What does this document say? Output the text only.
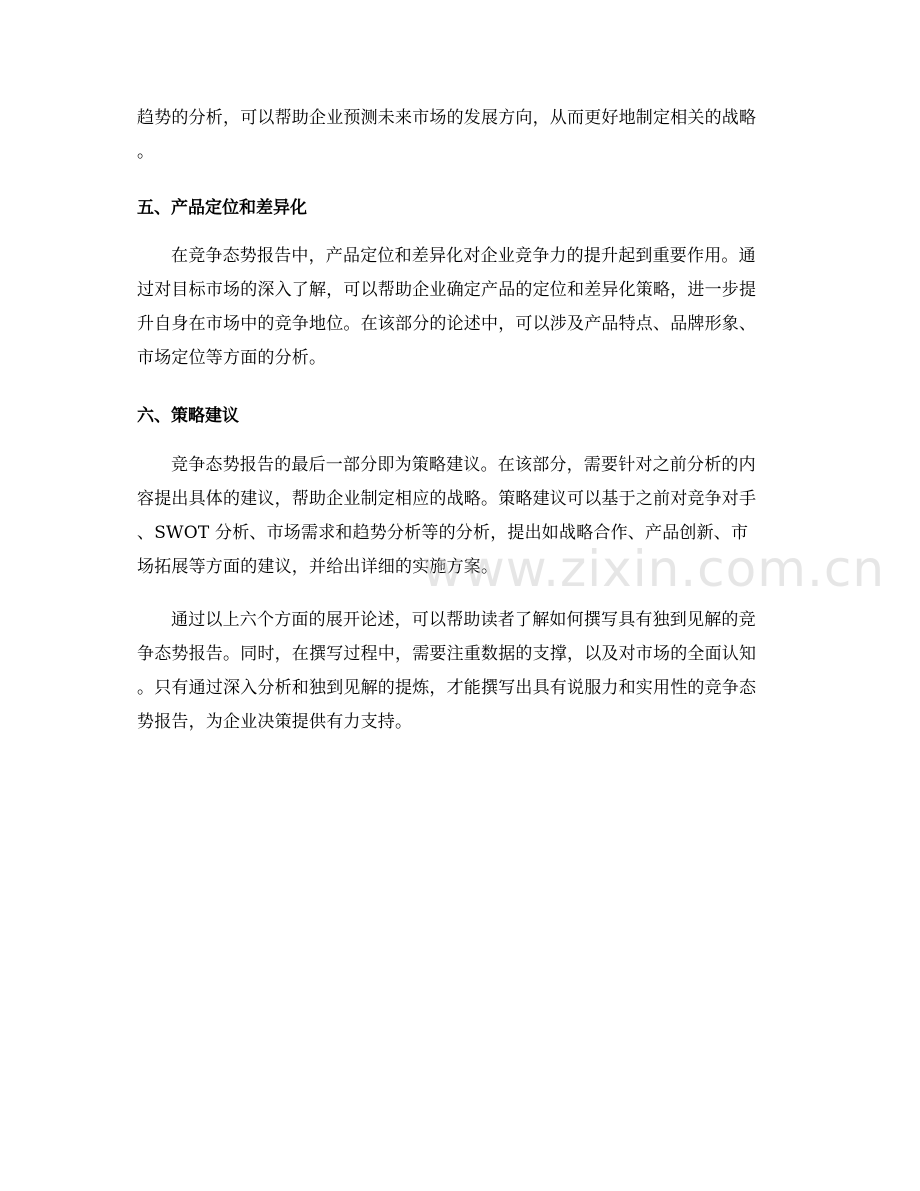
趋势的分析，可以帮助企业预测未来市场的发展方向，从而更好地制定相关的战略
。
五、产品定位和差异化
在竞争态势报告中，产品定位和差异化对企业竞争力的提升起到重要作用。通
过对目标市场的深入了解，可以帮助企业确定产品的定位和差异化策略，进一步提
升自身在市场中的竞争地位。在该部分的论述中，可以涉及产品特点、品牌形象、
市场定位等方面的分析。
六、策略建议
竞争态势报告的最后一部分即为策略建议。在该部分，需要针对之前分析的内
容提出具体的建议，帮助企业制定相应的战略。策略建议可以基于之前对竞争对手
、SWOT 分析、市场需求和趋势分析等的分析，提出如战略合作、产品创新、市
场拓展等方面的建议，并给出详细的实施方案。
通过以上六个方面的展开论述，可以帮助读者了解如何撰写具有独到见解的竞
争态势报告。同时，在撰写过程中，需要注重数据的支撑，以及对市场的全面认知
。只有通过深入分析和独到见解的提炼，才能撰写出具有说服力和实用性的竞争态
势报告，为企业决策提供有力支持。
www.zixin.com.cn
